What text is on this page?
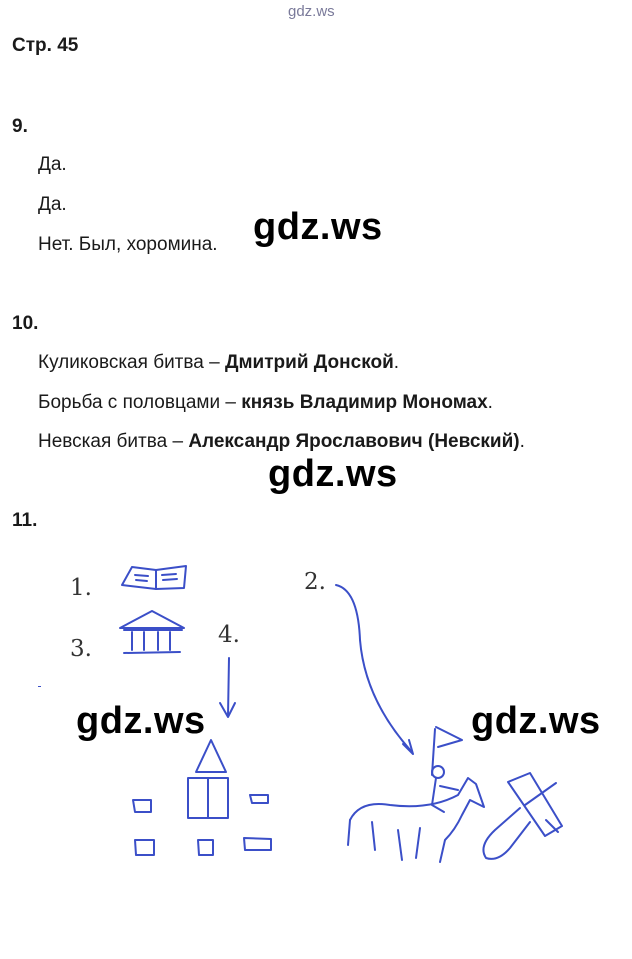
gdz.ws
Стр. 45
9.
Да.
Да.
Нет. Был, хоромина. gdz.ws
10.
Куликовская битва – Дмитрий Донской.
Борьба с половцами – князь Владимир Мономах.
Невская битва – Александр Ярославович (Невский).
gdz.ws
11.
1.	2.
3.
4.
gdz.ws	gdz.ws
